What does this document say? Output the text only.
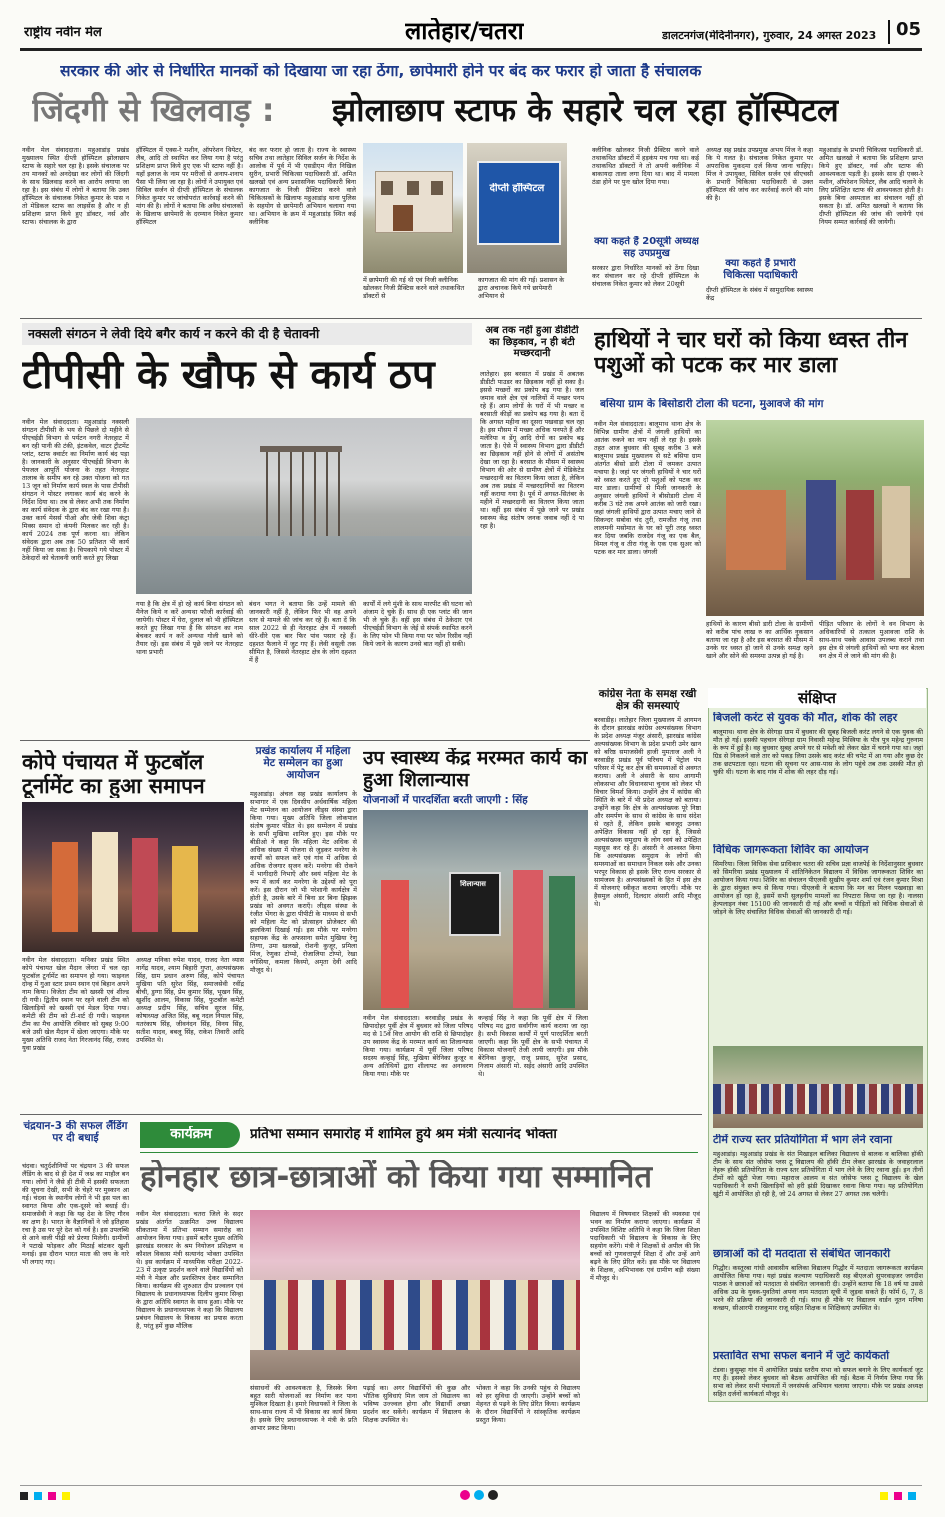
राष्ट्रीय नवीन मेल	लातेहार/चतरा	डालटनगंज(मेदिनीनगर), गुरुवार, 24 अगस्त 2023 05
सरकार की ओर से निर्धारित मानकों को दिखाया जा रहा ठेंगा, छापेमारी होने पर बंद कर फरार हो जाता है संचालक
जिंदगी से खिलवाड़ : झोलाछाप स्टाफ के सहारे चल रहा हॉस्पिटल
नवीन मेल संवाददाता। महुआडांड़ प्रखंड मुख्यालय स्थित दीप्ती हॉस्पिटल झोलाछाप स्टाफ के सहारे चल रहा है। इसके संचालक पर तय मानकों को अनदेखा कर लोगों की जिंदगी के साथ खिलवाड़ करने का आरोप लगाया जा रहा है। इस संबंध में लोगों ने बताया कि उक्त हॉस्पिटल के संचालक निकेत कुमार के पास न तो मेडिकल स्टाफ का लाइसेंस है और न ही प्रशिक्षण प्राप्त किये हुए डॉक्टर, नर्स और स्टाफ। संचालक के द्वारा
हॉस्पिटल में एक्स-रे मशीन, ऑपरेशन थियेटर, लैब, आदि तो स्थापित कर लिया गया है परंतु प्रशिक्षण प्राप्त किये हुए एक भी स्टाफ नहीं है। यहाँ इलाज के नाम पर मरीजों से अनाप-शनाप पैसा भी लिया जा रहा है। लोगों ने उपायुक्त एवं सिविल सर्जन से दीप्ती हॉस्पिटल के संचालक निकेत कुमार पर जांचोपरांत कार्रवाई करने की मांग की है। लोगों ने बताया कि अवैध संचालकों के खिलाफ छापेमारी के दरम्यान निकेत कुमार हॉस्पिटल
बंद कर फरार हो जाता है। राज्य के स्वास्थ्य सचिव तथा लातेहार सिविल सर्जन के निर्देश के आलोक में पूर्व में भी एसडीएम नीत निखिल सुरीन, प्रभारी चिकित्सा पदाधिकारी डॉ. अमित खलखो एवं अन्य प्रशासनिक पदाधिकारी बिना कागजात के निजी प्रैक्टिस करने वाले चिकित्सकों के खिलाफ महुआडांड़ थाना पुलिस के सहयोग से छापेमारी अभियान चलाया गया था। अभियान के क्रम में महुआडांड़ स्थित कई क्लीनिक
दीप्ती हॉस्पिटल
में छापेमारी की गई थी एवं निजी क्लीनिक खोलकर निजी प्रैक्टिस करने वाले तथाकथित डॉक्टरों से
कागजात की मांग की गई। प्रशासन के द्वारा अचानक किये गये छापेमारी अभियान से
क्लीनिक खोलकर निजी प्रैक्टिस करने वाले तथाकथित डॉक्टरों में हड़कंप मच गया था। कई तथाकथित डॉक्टरों ने तो अपनी क्लीनिक में बाकायदा ताला लगा दिया था। बाद में मामला ठंडा होने पर पुनः खोल दिया गया।
क्या कहते हैं 20सूत्री अध्यक्ष सह उपप्रमुख
सरकार द्वारा निर्धारित मानकों को ठेंगा दिखा कर संचालन कर रहे दीप्ती हॉस्पिटल के संचालक निकेत कुमार को लेकर 20सूत्री
अध्यक्ष सह प्रखंड उपप्रमुख अभय मिंज ने कहा कि ये गलत है। संचालक निकेत कुमार पर अपराधिक मुकदमा दर्ज किया जाना चाहिए। मिंज ने उपायुक्त, सिविल सर्जन एवं सीएचसी के प्रभारी चिकित्सा पदाधिकारी से उक्त हॉस्पिटल की जांच कर कार्रवाई करने की मांग की है।
क्या कहते हैं प्रभारी चिकित्सा पदाधिकारी
दीप्ती हॉस्पिटल के संबंध में सामुदायिक स्वास्थ्य केंद्र
महुआडांड़ के प्रभारी चिकित्सा पदाधिकारी डॉ. अमित खलखो ने बताया कि प्रशिक्षण प्राप्त किये हुए डॉक्टर, नर्स और स्टाफ की आवश्यकता पड़ती है। इसके साथ ही एक्स-रे मशीन, ऑपरेशन थियेटर, लैब आदि चलाने के लिए प्रशिक्षित स्टाफ की आवश्यकता होती है। इसके बिना अस्पताल का संचालन नहीं हो सकता है। डॉ. अमित खलखो ने बताया कि दीप्ती हॉस्पिटल की जांच की जायेगी एवं नियम सम्मत कार्रवाई की जायेगी।
नक्सली संगठन ने लेवी दिये बगैर कार्य न करने की दी है चेतावनी
टीपीसी के खौफ से कार्य ठप
नवीन मेल संवाददाता। महुआडांड़ नक्सली संगठन टीपीसी के भय से पिछले दो महीने से पीएचईडी विभाग से पर्यटन नगरी नेतरहाट में बन रही पानी की टंकी, इंटकवेल, वाटर ट्रीटमेंट प्लांट, स्टाफ क्वार्टर का निर्माण कार्य बंद पड़ा है। जानकारी के अनुसार पीएचईडी विभाग के पेयजल आपूर्ति योजना के तहत नेतरहाट तालाब के समीप बन रहे उक्त योजना को गत 13 जून को निर्माण कार्य स्थल के पास टीपीसी संगठन ने पोस्टर लगाकर कार्य बंद करने के निर्देश दिया था। तब से लेकर अभी तक निर्माण का कार्य संवेदक के द्वारा बंद कर रखा गया है। उक्त कार्य मेसर्स पीओ और जेवी शिवा कंट्रा मिक्स समान दो कंपनी मिलकर कर रही है। कार्य 2024 तक पूर्ण करना था। लेकिन संवेदक द्वारा अब तक 50 प्रतिशत भी कार्य नहीं किया जा सका है। चिपकाये गये पोस्टर में ठेकेदारों को चेतावनी जारी करते हुए लिखा
गया है कि क्षेत्र में हो रहे कार्य बिना संगठन को मैनेज किये न करें अन्यथा फौजी कार्रवाई की जायेगी। पोस्टर में घेरा, दुलाल को भी हॉस्पिटल करते हुए लिखा गया है कि संगठन का नाम बेचकर कार्य न करें अन्यथा गोली खाने को तैयार रहें। इस संबंध में पूछे जाने पर नेतरहाट थाना प्रभारी
बंधन भगत ने बताया कि उन्हें मामले की जानकारी नहीं है, लेकिन फिर भी वह अपने स्तर से मामले की जांच कर रहे हैं। बता दें कि साल 2022 से ही नेतरहाट क्षेत्र में नक्सली धीरे-धीरे एक बार फिर पांव पसार रहे हैं। दहशत फैलाने में जुट गए हैं। लेवी वसूली तक सीमित है, जिससे नेतरहाट क्षेत्र के लोग दहशत में हैं
कार्यों में लगे मुंशी के साथ मारपीट की घटना को अंजाम दे चुके हैं। साथ ही एक प्लांट की जान भी ले चुके हैं। वहीं इस संबंध में ठेकेदार एवं पीएचईडी विभाग के जेई से संपर्क स्थापित करने के लिए फोन भी किया गया पर फोन रिसीव नहीं किये जाने के कारण उनसे बात नहीं हो सकी।
अब तक नहीं हुआ डीडीटी का छिड़काव, न ही बंटी मच्छरदानी
लातेहार। इस बरसात में प्रखंड में अबतक डीडीटी पाउडर का छिड़काव नहीं हो सका है। इससे मच्छरों का प्रकोप बढ़ गया है। जल जमाव वाले क्षेत्र एवं नालियों में मच्छर पनप रहे हैं। आम लोगों के घरों में भी मच्छर व बरसाती कीड़ों का प्रकोप बढ़ गया है। बता दें कि अगस्त महीना का दूसरा पखवाड़ा चल रहा है। इस मौसम में मच्छर अधिक पनपते हैं और मलेरिया व डेंगू आदि रोगों का प्रकोप बढ़ जाता है। ऐसे में स्वास्थ्य विभाग द्वारा डीडीटी का छिड़काव नहीं होने से लोगों में असंतोष देखा जा रहा है। बरसात के मौसम में स्वास्थ्य विभाग की ओर से ग्रामीण क्षेत्रों में मेडिकेटेड मच्छरदानी का वितरण किया जाता है, लेकिन अब तक प्रखंड में मच्छरदानियों का वितरण नहीं कराया गया है। पूर्व में अगस्त-सितंबर के महीने में मच्छरदानी का वितरण किया जाता था। वहीं इस संबंध में पूछे जाने पर प्रखंड स्वास्थ्य केंद्र संतोष जनक जवाब नहीं दे पा रहा है।
हाथियों ने चार घरों को किया ध्वस्त तीन पशुओं को पटक कर मार डाला
बसिया ग्राम के बिसोडारी टोला की घटना, मुआवजे की मांग
नवीन मेल संवाददाता। बालूमाथ थाना क्षेत्र के विभिन्न ग्रामीण क्षेत्रों में जंगली हाथियों का आतंक रुकने का नाम नहीं ले रहा है। इसके तहत आज बुधवार की सुबह करीब 3 बजे बालूमाथ प्रखंड मुख्यालय से सटे बसिया ग्राम अंतर्गत बीसो डारी टोला में जमकर उत्पात मचाया है। जहां पर जंगली हाथियों ने चार घरों को ध्वस्त करते हुए दो पशुओं को पटक कर मार डाला। ग्रामीणों से मिली जानकारी के अनुसार जंगली हाथियों ने बीसोडारी टोला में करीब 3 घंटे तक अपने आतंक को जारी रखा। जहां जंगली हाथियों द्वारा उत्पात मचाए जाने से सिकन्दर सबोवा चंद तुरी, रामजीत गंजू तथा लालमनी मसोमात के घर को पूरी तरह ध्वस्त कर दिया जबकि राजदेव गंजू का एक बैल, विमल गंजू व तीरा गंजू के एक एक सुअर को पटक कर मार डाला। जंगली
हाथियों के कारण बीसो डारी टोला के ग्रामीणों को करीब पांच लाख रु का आर्थिक नुकसान बताया जा रहा है और इस बरसात की मौसम में उनके घर ध्वस्त हो जाने से उनके समक्ष रहने खाने और सोने की समस्या उत्पन्न हो गई है।
पीड़ित परिवार के लोगों ने वन विभाग के अधिकारियों से तत्काल मुआवजा राशि के साथ-साथ पक्के आवास उपलब्ध कराने तथा इस क्षेत्र से जंगली हाथियों को भगा कर बेतला वन क्षेत्र में ले जाने की मांग की है।
कोपे पंचायत में फुटबॉल टूर्नामेंट का हुआ समापन
नवीन मेल संवाददाता। मनिका प्रखंड स्थित कोपे पंचायत खेल मैदान जेंगरा में चल रहा फुटबॉल टूर्नामेंट का समापन हो गया। फाइनल दोन्ह में गुआ स्टार प्रथम स्थान एवं बिहान अपने नाम किया। विजेता टीम को खस्सी एवं शील्ड दी गयी। द्वितीय स्थान पर रहने वाली टीम को खिलाड़ियों को खस्सी एवं मेडल दिया गया। कमेटी की टीम को टी-शर्ट दी गयी। फाइनल टीम का मैच आयोजि रविवार को सुबह 9:00 बजे उसी खेल मैदान में खेला जाएगा। मौके पर मुख्य अतिथि राजद नेता गिरजानंद सिंह, राजद युवा प्रखंड
अध्यक्ष मनिका रुपेश यादव, राजद नेता व्यास नागेंद्र यादव, श्याम बिहारी गुप्ता, अल्पसंख्यक सिंह, ग्राम प्रधान अरुण सिंह, कोपे पंचायत मुखिया पति सुरेश सिंह, समाजसेवी रवींद्र बीची, डुग्गा सिंह, प्रेम कुमार सिंह, भूखन सिंह, खुर्शीद आलम, विकास सिंह, फुटबॉल कमेटी अध्यक्ष प्रदीप सिंह, सचिव सूरज सिंह, कोषाध्यक्ष अजित सिंह, बबू नदल नियाल सिंह, यतरंकाष सिंह, जीवनंदन सिंह, विनय सिंह, सतीश यादव, बबलू सिंह, राकेश तिवारी आदि उपस्थित थे।
प्रखंड कार्यालय में महिला मेट सम्मेलन का हुआ आयोजन
महुआडांड़। अंचल सह प्रखंड कार्यालय के सभागार में एक दिवसीय अर्धवार्षिक महिला मेट सम्मेलन का आयोजन लीड्स संस्था द्वारा किया गया। मुख्य अतिथि जिला लोकपाल संतोष कुमार पंडित थे। इस सम्मेलन में प्रखंड के सभी मुखिया शामिल हुए। इस मौके पर बीडीओ ने कहा कि महिला मेट अधिक से अधिक संख्या में योजना से जुड़कर मनरेगा के कार्यों को सफल करें एवं गांव में अधिक से अधिक रोजगार सृजन करें। मनरेगा की रोकने में भागीदारी निभाएँ और स्वयं महिला मेट के रूप में कार्य कर मनरेगा के उद्देश्यों को पूरा करें। इस दौरान जो भी परेशानी कार्यक्षेत्र में होती है, उसके बारे में बिना डर बिना झिझक प्रखंड को अवगत कराएँ। लीड्स संस्था के रंजीत भेंगरा के द्वारा पीपीटी के माध्यम से सभी को महिला मेट को प्रोत्साहन प्रोजेक्टर की झलकियां दिखाई गई। इस मौके पर मनरेगा सहायक केंद्र के अफसाना समेत मुखिया रेणु तिग्गा, उमा खलखो, रोशनी कुजूर, प्रमिला मिंज, रेणुका टोप्पो, रोजालिया टोप्पो, रेखा नगेसिया, कमला किस्पो, अमृता देवी आदि मौजूद थे।
उप स्वास्थ्य केंद्र मरम्मत कार्य का हुआ शिलान्यास
योजनाओं में पारदर्शिता बरती जाएगी : सिंह
शिलान्यास
नवीन मेल संवाददाता। बरवाडीह प्रखंड के छिपादोहर पूर्वी क्षेत्र में बुधवार को जिला परिषद मद से 15वें वित्त आयोग की राशि से छिपादोहर उप स्वास्थ्य केंद्र के मरम्मत कार्य का शिलान्यास किया गया। कार्यक्रम में पूर्वी जिला परिषद सदस्य कन्हाई सिंह, मुखिया बेरेनिका कुजूर व अन्य अतिथियों द्वारा शीलापट का अनावरण किया गया। मौके पर
कन्हाई सिंह ने कहा कि पूर्वी क्षेत्र में जिला परिषद मद द्वारा सर्वांगीण कार्य कराया जा रहा है। सभी विकास कार्यों में पूर्ण पारदर्शिता बरती जाएगी। कहा कि पूर्वी क्षेत्र के सभी पंचायत में विकास योजनाएँ तेजी लायी जाएगी। इस मौके बेरेनिका कुजूर, राजू प्रसाद, सुरेश प्रसाद, निजाम अंसारी मो. सईद अंसारी आदि उपस्थित थे।
कांग्रेस नेता के समक्ष रखी क्षेत्र की समस्याएं
बरवाडीह। लातेहार जिला मुख्यालय में आगमन के दौरान झारखंड कांग्रेस अल्पसंख्यक विभाग के प्रदेश अध्यक्ष मंजूर अंसारी, झारखंड कांग्रेस अल्पसंख्यक विभाग के प्रदेश प्रभारी उमेर खान को बरिष्ठ समाजसेवी हाजी मुमताज अली ने बरवाडीह प्रखंड पूर्व परिचय में पेट्रोल पंप परिसर में पेट्र कर क्षेत्र की समस्याओं से अवगत कराया। अली ने अंसारी के साथ आगामी लोकसभा और विधानसभा चुनाव को लेकर भी विचार विमर्श किया। उन्होंने क्षेत्र में कांग्रेस की स्थिति के बारे में भी प्रदेश अध्यक्ष को बताया। उन्होंने कहा कि क्षेत्र के अल्पसंख्यक पूरे निष्ठा और समर्पण के साथ से कांग्रेस के साथ संदेश से रहते हैं, लेकिन इसके बावजूद उनका अपेक्षित विकास नहीं हो रहा है, जिससे अल्पसंख्यक समुदाय के लोग स्वयं को उपेक्षित महसूस कर रहे हैं। अंसारी ने आश्वस्त किया कि अल्पसंख्यक समुदाय के लोगों की समस्याओं का समाधान निकल सके और उनका भरपूर विकास हो इसके लिए राज्य सरकार से सामंजस्य है। अल्पसंख्यकों के हित में इस क्षेत्र में योजनाएं स्वीकृत कराया जाएगी। मौके पर हैसमुल अंसारी, दिलदार अंसारी आदि मौजूद थे।
संक्षिप्त
बिजली करंट से युवक की मौत, शोक की लहर
बालूमाथ। थाना क्षेत्र के सेरेगड़ा ग्राम में बुधवार की सुबह बिजली करंट लगने से एक युवक की मौत हो गई। इसकी पहचान सेरेगड़ा ग्राम निवासी महेन्द्र मिस्त्रिया के पौत्र पुत्र महेन्द्र गुरुनाम के रूप में हुई है। वह बुधवार सुबह अपने घर से मवेशी को लेकर खेत में चराने गया था। जहां ग्रिड से निकलने वाले तार को पकड़ लिया उसके बाद करंट की चपेट में आ गया और कुछ देर तक छटपटाता रहा। घटना की सूचना पर आस-पास के लोग पहुंचे तब तक उसकी मौत हो चुकी थी। घटना के बाद गांव में शोक की लहर दौड़ गई।
विधिक जागरूकता शिविर का आयोजन
सिमरिया। जिला विधिक सेवा प्राधिकार चतरा की सचिव प्रज्ञा वाजपेई के निर्देशानुसार बुधवार को सिमरिया प्रखंड मुख्यालय में शांतिनिकेतन विद्यालय में विधिक जागरूकता शिविर का आयोजन किया गया। शिविर का संचालन पीएलवी सुखीय कुमार शर्मा एवं रंजन कुमार मिश्रा के द्वारा संयुक्त रूप से किया गया। पीएलवी ने बताया कि मन का मिलन पखवाड़ा का आयोजन हो रहा है, इसमें सभी सुलहनीय मामलों का निपटारा किया जा रहा है। नालसा हेल्पलाइन नंबर 15100 की जानकारी दी गई और बच्चों व पीड़ितों को विधिक सेवाओं से जोड़ने के लिए संचालित विधिक सेवाओं की जानकारी दी गई।
टीमें राज्य स्तर प्रतियोगिता में भाग लेने रवाना
महुआडांड़। महुआडांड़ प्रखंड के संत मिखाइल बालिका विद्यालय से बालक व बालिका हॉकी टीम के साथ संत जोसेफ प्लस टू विद्यालय की हॉकी टीम लेकर झारखंड के जवाहरलाल नेहरू हॉकी प्रतियोगिता के राज्य स्तर प्रतियोगिता में भाग लेने के लिए रवाना हुई। इन तीनों टीमों को खुंटी भेजा गया। महाराज आलम व संत जोसेफ प्लस टू विद्यालय के खेल पदाधिकारी ने सभी खिलाड़ियों को हरी झंडी दिखाकर रवाना किया गया। यह प्रतियोगिता खुंटी में आयोजित हो रही है, जो 24 अगस्त से लेकर 27 अगस्त तक चलेगी।
छात्राओं को दी मतदाता से संबंधित जानकारी
गिद्धौर। कस्तूरबा गांधी आवासीय बालिका विद्यालय गिद्धौर में मतदाता जागरूकता कार्यक्रम आयोजित किया गया। यहां प्रखंड कल्याण पदाधिकारी सह बीएलओ सुपरवाइजर जगदीश पाठक ने छात्राओं को मतदाता से संबंधित जानकारी दी। उन्होंने बताया कि 18 वर्ष या उससे अधिक उम्र के युवक-युवतियां अपना नाम मतदाता सूची में जुड़वा सकते हैं। फॉर्म 6, 7, 8 भरने की प्रक्रिया की जानकारी दी गई। साथ ही मौके पर विद्यालय वार्डन नूतन मनिषा कच्छप, सीआरपी राजकुमार राजू सहित शिक्षक व शिक्षिकाएं उपस्थित थे।
प्रस्तावित सभा सफल बनाने में जुटे कार्यकर्ता
टंडवा। कुसुम्हा गांव में आयोजित प्रखंड स्तरीय सभा को सफल बनाने के लिए कार्यकर्ता जुट गए हैं। इसको लेकर बुधवार को बैठक आयोजित की गई। बैठक में निर्णय लिया गया कि सभा को लेकर सभी पंचायतों में जनसंपर्क अभियान चलाया जाएगा। मौके पर प्रखंड अध्यक्ष सहित दर्जनों कार्यकर्ता मौजूद थे।
चंद्रयान-3 की सफल लैंडिंग पर दी बधाई
चंदवा। चतुर्दशीनियों पर चंद्रयान 3 की सफल लैंडिंग के बाद से ही देश में जश्न का माहौल बन गया। लोगों ने जैसे ही टीवी में इसकी सफलता की सूचना देखी, सभी के चेहरे पर मुस्कान आ गई। चंदवा के स्थानीय लोगों ने भी इस पल का स्वागत किया और एक-दूसरे को बधाई दी। समाजसेवी ने कहा कि यह देश के लिए गौरव का क्षण है। भारत के वैज्ञानिकों ने जो इतिहास रचा है उस पर पूरे देश को गर्व है। इस उपलब्धि से आने वाली पीढ़ी को प्रेरणा मिलेगी। ग्रामीणों ने पटाखे फोड़कर और मिठाई बांटकर खुशी मनाई। इस दौरान भारत माता की जय के नारे भी लगाए गए।
कार्यक्रम	प्रतिभा सम्मान समारोह में शामिल हुये श्रम मंत्री सत्यानंद भोक्ता
होनहार छात्र-छात्राओं को किया गया सम्मानित
नवीन मेल संवाददाता। चतरा जिले के सदर प्रखंड अंतर्गत उत्क्रमित उच्च विद्यालय सीकतामा में प्रतिभा सम्मान समारोह का आयोजन किया गया। इसमें बतौर मुख्य अतिथि झारखंड सरकार के श्रम नियोजन प्रशिक्षण व कौशल विकास मंत्री सत्यानंद भोक्ता उपस्थित थे। इस कार्यक्रम में माध्यमिक परीक्षा 2022-23 में उत्कृष्ट प्रदर्शन करने वाले विद्यार्थियों को मंत्री ने मेडल और प्रशस्तिपत्र देकर सम्मानित किया। कार्यक्रम की शुरुआत दीप प्रज्वलन एवं विद्यालय के प्रधानाध्यापक दिलीप कुमार सिन्हा के द्वारा अतिथि स्वागत के साथ हुआ। मौके पर विद्यालय के प्रधानाध्यापक ने कहा कि विद्यालय प्रबंधन विद्यालय के विकास का प्रयास करता है, परंतु हमें कुछ मौलिक
संसाधनों की आवश्यकता है, जिसके बिना बहुत सारी योजनाओं का निर्माण कर पाना मुश्किल दिखता है। हमारे विधायकों ने जिला के साथ-साथ राज्य में भी विकास का कार्य किया है। इसके लिए प्रधानाध्यापक ने मंत्री के प्रति आभार प्रकट किया।
पढ़ाई का। अगर विद्यार्थियों की कुछ और भौतिक सुविधाएं मिल जाय तो विद्यालय का भविष्य उज्ज्वल होगा और विद्यार्थी अच्छा प्रदर्शन कर सकेंगे। कार्यक्रम में विद्यालय के शिक्षक उपस्थित थे।
भोक्ता ने कहा कि उनकी पहुंच से विद्यालय को हर सुविधा दी जाएगी। उन्होंने बच्चों को मेहनत से पढ़ने के लिए प्रेरित किया। कार्यक्रम के दौरान विद्यार्थियों ने सांस्कृतिक कार्यक्रम प्रस्तुत किया।
विद्यालय में विषयवार शिक्षकों की व्यवस्था एवं भवन का निर्माण कराया जाएगा। कार्यक्रम में उपस्थित विशिष्ट अतिथि ने कहा कि जिला शिक्षा पदाधिकारी भी विद्यालय के विकास के लिए सहयोग करेंगे। मंत्री ने शिक्षकों से अपील की कि बच्चों को गुणवत्तापूर्ण शिक्षा दें और उन्हें आगे बढ़ने के लिए प्रेरित करें। इस मौके पर विद्यालय के शिक्षक, अभिभावक एवं ग्रामीण बड़ी संख्या में मौजूद थे।
